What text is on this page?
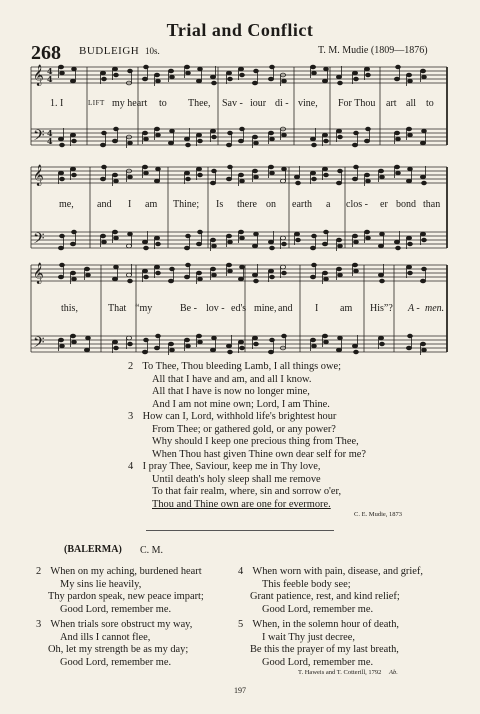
Trial and Conflict
268 BUDLEIGH 10s.	T. M. Mudie (1809—1876)
𝄞 4
4
𝄢 4
4
𝄞
𝄢
𝄞
𝄢
1. I	LIFT my heart to Thee, Sav - iour di - vine, For Thou art all to
me, and I am Thine; Is there on earth a clos - er bond than
this,	That “my	Be - lov - ed's mine, and I am His”? A - men.
2 To Thee, Thou bleeding Lamb, I all things owe;
All that I have and am, and all I know.
All that I have is now no longer mine,
And I am not mine own; Lord, I am Thine.
3 How can I, Lord, withhold life's brightest hour
From Thee; or gathered gold, or any power?
Why should I keep one precious thing from Thee,
When Thou hast given Thine own dear self for me?
4 I pray Thee, Saviour, keep me in Thy love,
Until death's holy sleep shall me remove
To that fair realm, where, sin and sorrow o'er,
Thou and Thine own are one for evermore.
C. E. Mudie, 1873
(BALERMA) C. M.
2 When on my aching, burdened heart
My sins lie heavily,
Thy pardon speak, new peace impart;
Good Lord, remember me.
3 When trials sore obstruct my way,
And ills I cannot flee,
Oh, let my strength be as my day;
Good Lord, remember me.
4 When worn with pain, disease, and grief,
This feeble body see;
Grant patience, rest, and kind relief;
Good Lord, remember me.
5 When, in the solemn hour of death,
I wait Thy just decree,
Be this the prayer of my last breath,
Good Lord, remember me.
T. Haweis and T. Cotterill, 1792 Ab.
197
